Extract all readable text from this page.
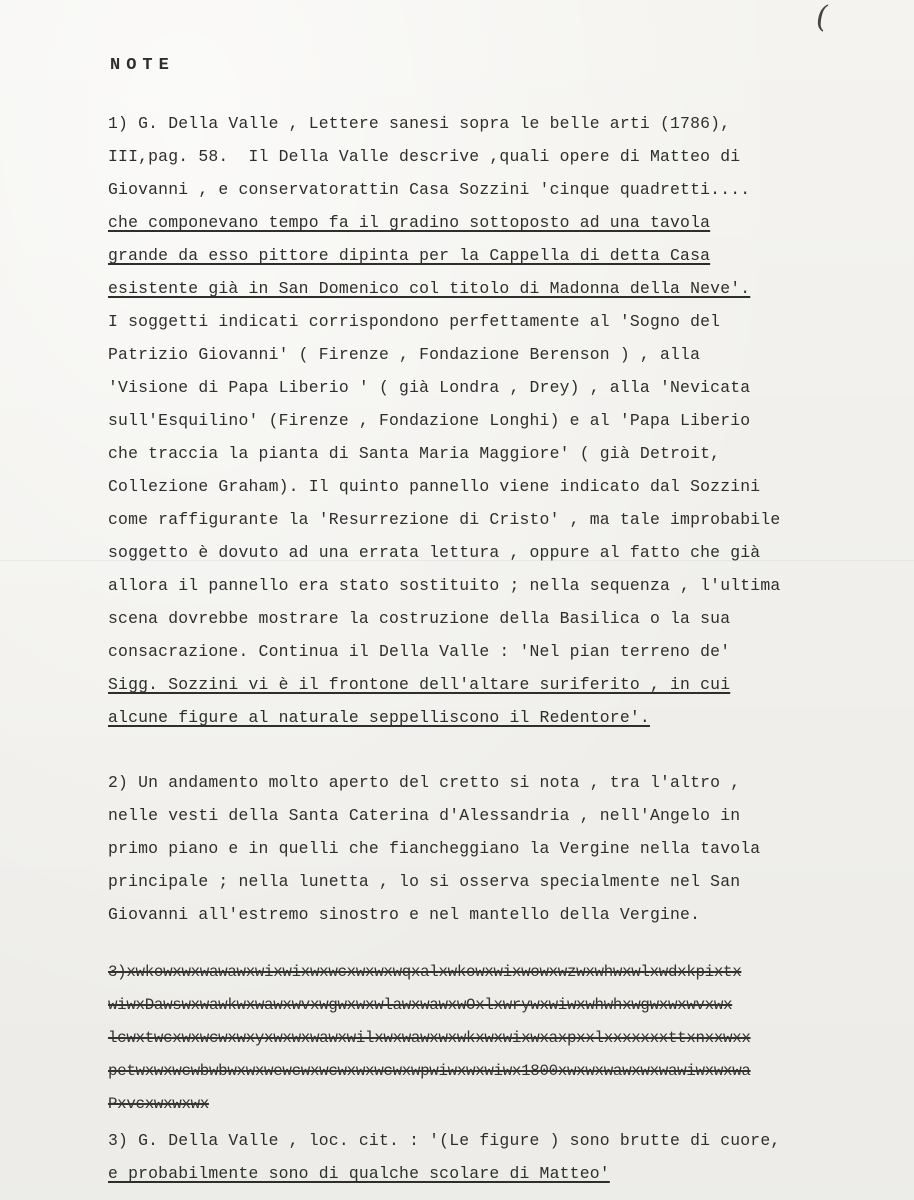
(
NOTE
1) G. Della Valle , Lettere sanesi sopra le belle arti (1786),
III,pag. 58.  Il Della Valle descrive ,quali opere di Matteo di
Giovanni , e conservatorattin Casa Sozzini 'cinque quadretti....
che componevano tempo fa il gradino sottoposto ad una tavola
grande da esso pittore dipinta per la Cappella di detta Casa
esistente già in San Domenico col titolo di Madonna della Neve'.
I soggetti indicati corrispondono perfettamente al 'Sogno del
Patrizio Giovanni' ( Firenze , Fondazione Berenson ) , alla
'Visione di Papa Liberio ' ( già Londra , Drey) , alla 'Nevicata
sull'Esquilino' (Firenze , Fondazione Longhi) e al 'Papa Liberio
che traccia la pianta di Santa Maria Maggiore' ( già Detroit,
Collezione Graham). Il quinto pannello viene indicato dal Sozzini
come raffigurante la 'Resurrezione di Cristo' , ma tale improbabile
soggetto è dovuto ad una errata lettura , oppure al fatto che già
allora il pannello era stato sostituito ; nella sequenza , l'ultima
scena dovrebbe mostrare la costruzione della Basilica o la sua
consacrazione. Continua il Della Valle : 'Nel pian terreno de'
Sigg. Sozzini vi è il frontone dell'altare suriferito , in cui
alcune figure al naturale seppelliscono il Redentore'.
2) Un andamento molto aperto del cretto si nota , tra l'altro ,
nelle vesti della Santa Caterina d'Alessandria , nell'Angelo in
primo piano e in quelli che fiancheggiano la Vergine nella tavola
principale ; nella lunetta , lo si osserva specialmente nel San
Giovanni all'estremo sinostro e nel mantello della Vergine.
3)xwkowxwxwawawxwixwixwxwcxwxwxwqxalxwkowxwixwowxwzwxwhwxwlxwdxkpixtx
wiwxDawswxwawkwxwawxwvxwgwxwxwlawxwawxwOxlxwrywxwiwxwhwhxwgwxwxwvxwx
lcwxtwcxwxwcwxwxyxwxwxwawxwilxwxwawxwxwkxwxwixwxaxpxxlxxxxxxxttxnxxwxx
petwxwxwcwbwbwxwxwewcwxwcwxwxwcwxwpwiwxwxwiwx1800xwxwxwawxwxwawiwxwxwa
Pxvcxwxwxwx
3) G. Della Valle , loc. cit. : '(Le figure ) sono brutte di cuore,
e probabilmente sono di qualche scolare di Matteo'
